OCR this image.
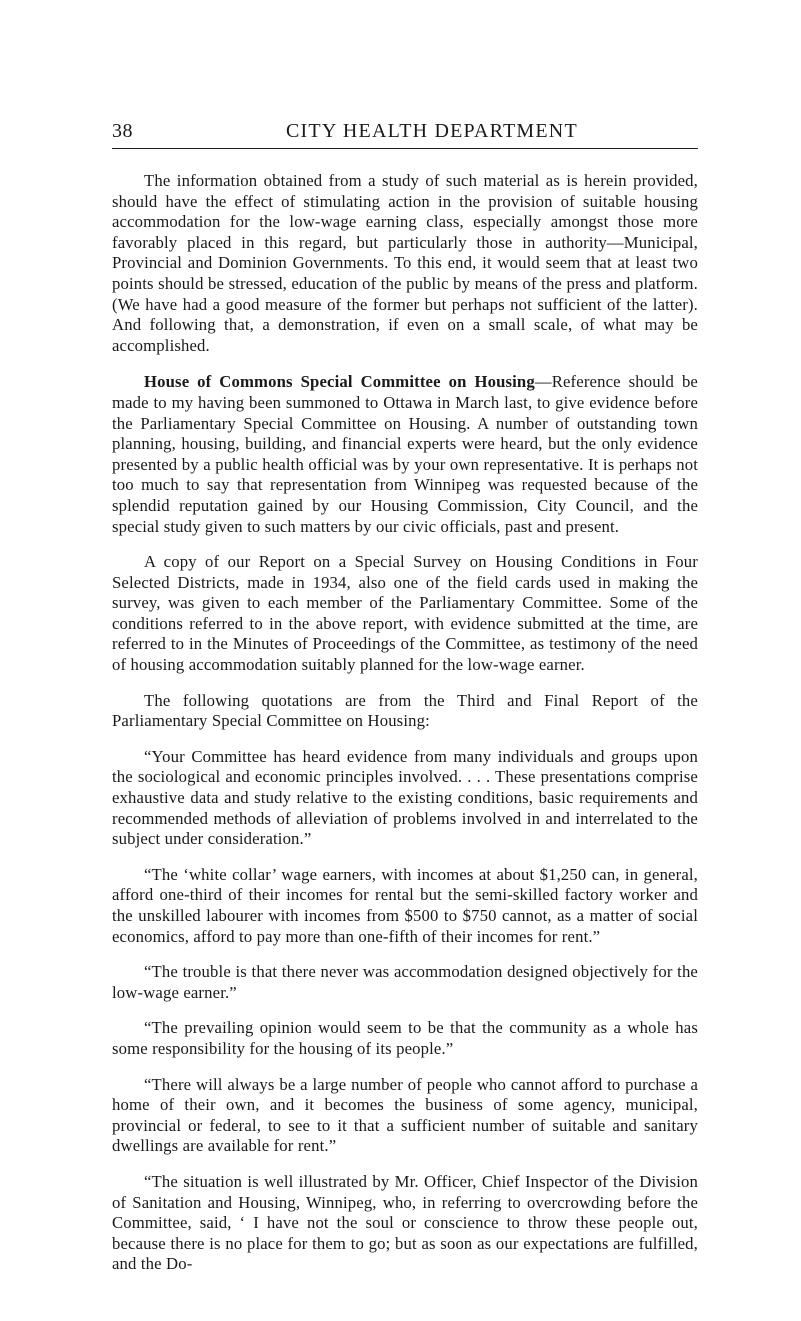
38	CITY HEALTH DEPARTMENT

The information obtained from a study of such material as is herein provided, should have the effect of stimulating action in the provision of suitable housing accommodation for the low-wage earning class, especially amongst those more favorably placed in this regard, but particularly those in authority—Municipal, Provincial and Dominion Governments. To this end, it would seem that at least two points should be stressed, education of the public by means of the press and platform. (We have had a good measure of the former but perhaps not sufficient of the latter). And following that, a demonstration, if even on a small scale, of what may be accomplished.

House of Commons Special Committee on Housing—Reference should be made to my having been summoned to Ottawa in March last, to give evidence before the Parliamentary Special Committee on Housing. A number of outstanding town planning, housing, building, and financial experts were heard, but the only evidence presented by a public health official was by your own representative. It is perhaps not too much to say that representation from Winnipeg was requested because of the splendid reputation gained by our Housing Commission, City Council, and the special study given to such matters by our civic officials, past and present.

A copy of our Report on a Special Survey on Housing Conditions in Four Selected Districts, made in 1934, also one of the field cards used in making the survey, was given to each member of the Parliamentary Committee. Some of the conditions referred to in the above report, with evidence submitted at the time, are referred to in the Minutes of Proceedings of the Committee, as testimony of the need of housing accommodation suitably planned for the low-wage earner.

The following quotations are from the Third and Final Report of the Parliamentary Special Committee on Housing:

“Your Committee has heard evidence from many individuals and groups upon the sociological and economic principles involved. . . . These presentations comprise exhaustive data and study relative to the existing conditions, basic requirements and recommended methods of alleviation of problems involved in and interrelated to the subject under consideration.”

“The ‘white collar’ wage earners, with incomes at about $1,250 can, in general, afford one-third of their incomes for rental but the semi-skilled factory worker and the unskilled labourer with incomes from $500 to $750 cannot, as a matter of social economics, afford to pay more than one-fifth of their incomes for rent.”

“The trouble is that there never was accommodation designed objectively for the low-wage earner.”

“The prevailing opinion would seem to be that the community as a whole has some responsibility for the housing of its people.”

“There will always be a large number of people who cannot afford to purchase a home of their own, and it becomes the business of some agency, municipal, provincial or federal, to see to it that a sufficient number of suitable and sanitary dwellings are available for rent.”

“The situation is well illustrated by Mr. Officer, Chief Inspector of the Division of Sanitation and Housing, Winnipeg, who, in referring to overcrowding before the Committee, said, ‘ I have not the soul or conscience to throw these people out, because there is no place for them to go; but as soon as our expectations are fulfilled, and the Do-
